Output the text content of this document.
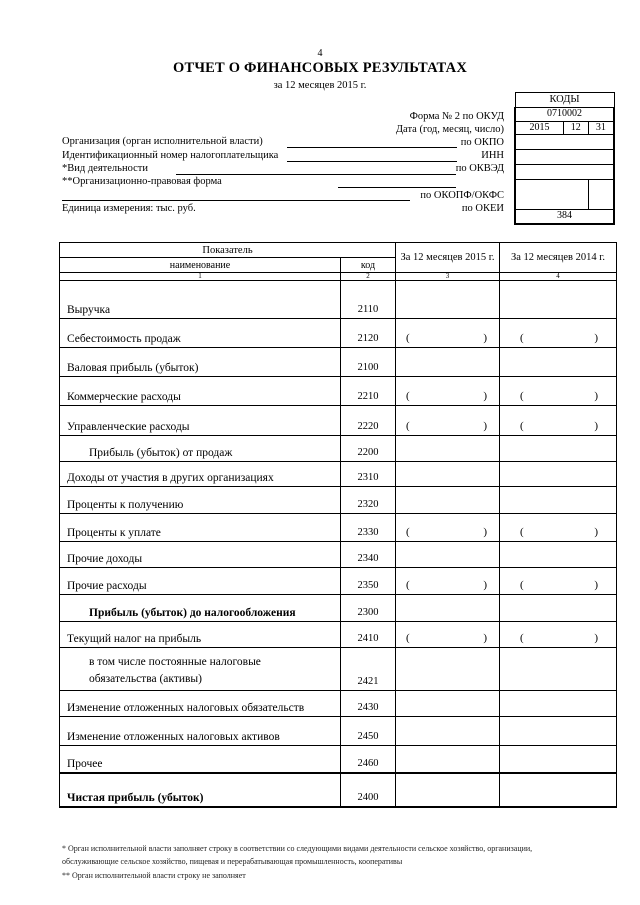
4
ОТЧЕТ О ФИНАНСОВЫХ РЕЗУЛЬТАТАХ
за 12 месяцев 2015 г.
КОДЫ		
0710002		
2015	12	31

384		
Форма № 2 по ОКУД
Дата (год, месяц, число)
Организация (орган исполнительной власти)	по ОКПО
Идентификационный номер налогоплательщика	ИНН
*Вид деятельности	по ОКВЭД
**Организационно-правовая форма
по ОКОПФ/ОКФС
Единица измерения: тыс. руб.	по ОКЕИ
Показатель		За 12 месяцев 2015 г.	За 12 месяцев 2014 г.
наименование	код		
1	2	3	4
Выручка	2110		
Себестоимость продаж	2120	( )	( )

Валовая прибыль (убыток)	2100		
Коммерческие расходы	2210	( )	( )

Управленческие расходы	2220	( )	( )

Прибыль (убыток) от продаж	2200		
Доходы от участия в других организациях	2310		
Проценты к получению	2320		
Проценты к уплате	2330	( )	( )

Прочие доходы	2340		
Прочие расходы	2350	( )	( )

Прибыль (убыток) до налогообложения	2300		
Текущий налог на прибыль	2410	( )	( )

в том числе постоянные налоговые
обязательства (активы)	2421		
Изменение отложенных налоговых обязательств	2430		
Изменение отложенных налоговых активов	2450		
Прочее	2460		
Чистая прибыль (убыток)	2400		
* Орган исполнительной власти заполняет строку в соответствии со следующими видами деятельности сельское хозяйство, организации,
обслуживающие сельское хозяйство, пищевая и перерабатывающая промышленность, кооперативы
** Орган исполнительной власти строку не заполняет
